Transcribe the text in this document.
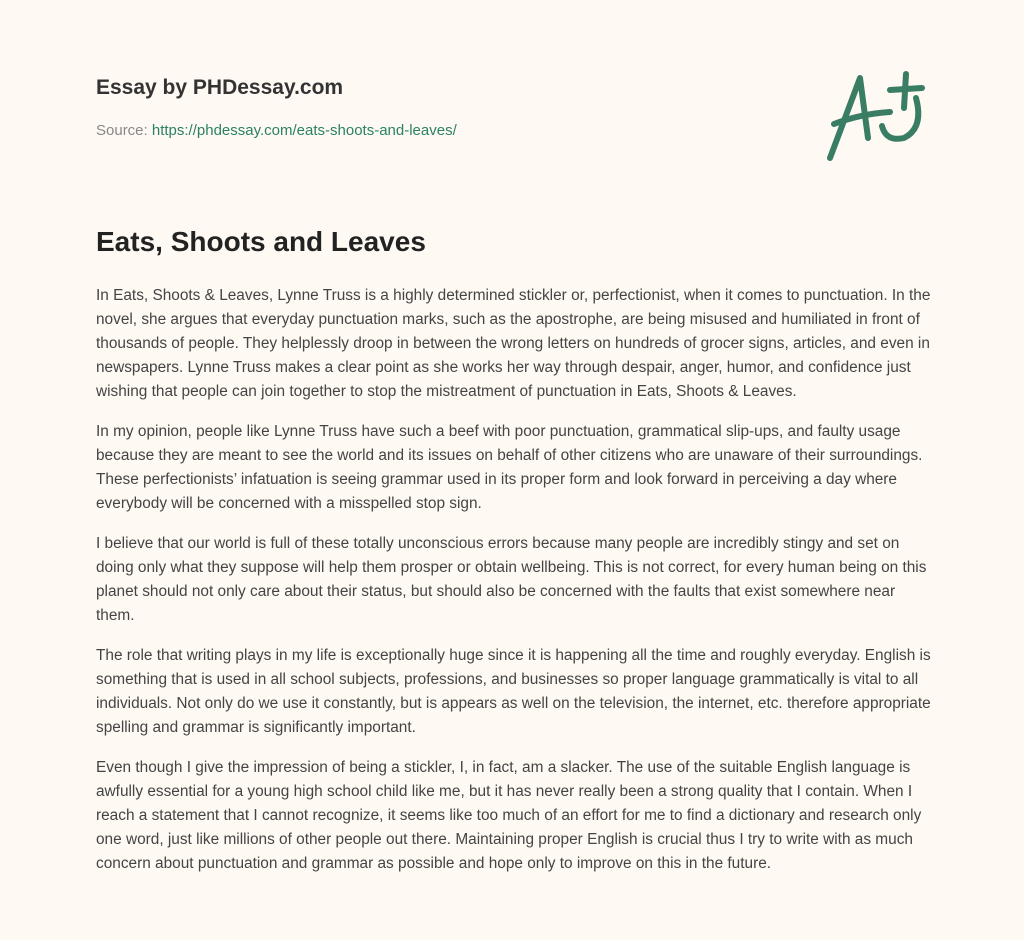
Essay by PHDessay.com
Source: https://phdessay.com/eats-shoots-and-leaves/
Eats, Shoots and Leaves

In Eats, Shoots & Leaves, Lynne Truss is a highly determined stickler or, perfectionist, when it comes to punctuation. In the novel, she argues that everyday punctuation marks, such as the apostrophe, are being misused and humiliated in front of thousands of people. They helplessly droop in between the wrong letters on hundreds of grocer signs, articles, and even in newspapers. Lynne Truss makes a clear point as she works her way through despair, anger, humor, and confidence just wishing that people can join together to stop the mistreatment of punctuation in Eats, Shoots & Leaves.

In my opinion, people like Lynne Truss have such a beef with poor punctuation, grammatical slip-ups, and faulty usage because they are meant to see the world and its issues on behalf of other citizens who are unaware of their surroundings. These perfectionists’ infatuation is seeing grammar used in its proper form and look forward in perceiving a day where everybody will be concerned with a misspelled stop sign.

I believe that our world is full of these totally unconscious errors because many people are incredibly stingy and set on doing only what they suppose will help them prosper or obtain wellbeing. This is not correct, for every human being on this planet should not only care about their status, but should also be concerned with the faults that exist somewhere near them.

The role that writing plays in my life is exceptionally huge since it is happening all the time and roughly everyday. English is something that is used in all school subjects, professions, and businesses so proper language grammatically is vital to all individuals. Not only do we use it constantly, but is appears as well on the television, the internet, etc. therefore appropriate spelling and grammar is significantly important.

Even though I give the impression of being a stickler, I, in fact, am a slacker. The use of the suitable English language is awfully essential for a young high school child like me, but it has never really been a strong quality that I contain. When I reach a statement that I cannot recognize, it seems like too much of an effort for me to find a dictionary and research only one word, just like millions of other people out there. Maintaining proper English is crucial thus I try to write with as much concern about punctuation and grammar as possible and hope only to improve on this in the future.
